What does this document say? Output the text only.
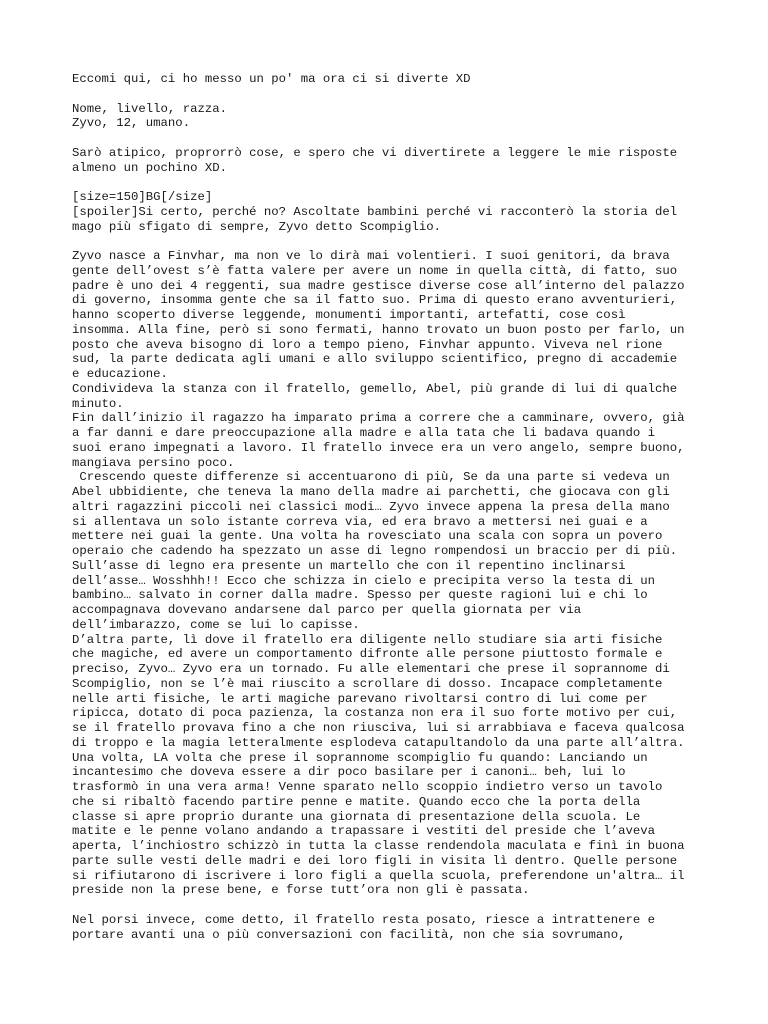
Eccomi qui, ci ho messo un po' ma ora ci si diverte XD
Nome, livello, razza.
Zyvo, 12, umano.
Sarò atipico, proprorrò cose, e spero che vi divertirete a leggere le mie risposte
almeno un pochino XD.
[size=150]BG[/size]
[spoiler]Si certo, perché no? Ascoltate bambini perché vi racconterò la storia del
mago più sfigato di sempre, Zyvo detto Scompiglio.
Zyvo nasce a Finvhar, ma non ve lo dirà mai volentieri. I suoi genitori, da brava
gente dell’ovest s’è fatta valere per avere un nome in quella città, di fatto, suo
padre è uno dei 4 reggenti, sua madre gestisce diverse cose all’interno del palazzo
di governo, insomma gente che sa il fatto suo. Prima di questo erano avventurieri,
hanno scoperto diverse leggende, monumenti importanti, artefatti, cose così
insomma. Alla fine, però si sono fermati, hanno trovato un buon posto per farlo, un
posto che aveva bisogno di loro a tempo pieno, Finvhar appunto. Viveva nel rione
sud, la parte dedicata agli umani e allo sviluppo scientifico, pregno di accademie
e educazione.
Condivideva la stanza con il fratello, gemello, Abel, più grande di lui di qualche
minuto.
Fin dall’inizio il ragazzo ha imparato prima a correre che a camminare, ovvero, già
a far danni e dare preoccupazione alla madre e alla tata che li badava quando i
suoi erano impegnati a lavoro. Il fratello invece era un vero angelo, sempre buono,
mangiava persino poco.
Crescendo queste differenze si accentuarono di più, Se da una parte si vedeva un
Abel ubbidiente, che teneva la mano della madre ai parchetti, che giocava con gli
altri ragazzini piccoli nei classici modi… Zyvo invece appena la presa della mano
si allentava un solo istante correva via, ed era bravo a mettersi nei guai e a
mettere nei guai la gente. Una volta ha rovesciato una scala con sopra un povero
operaio che cadendo ha spezzato un asse di legno rompendosi un braccio per di più.
Sull’asse di legno era presente un martello che con il repentino inclinarsi
dell’asse… Wosshhh!! Ecco che schizza in cielo e precipita verso la testa di un
bambino… salvato in corner dalla madre. Spesso per queste ragioni lui e chi lo
accompagnava dovevano andarsene dal parco per quella giornata per via
dell’imbarazzo, come se lui lo capisse.
D’altra parte, lì dove il fratello era diligente nello studiare sia arti fisiche
che magiche, ed avere un comportamento difronte alle persone piuttosto formale e
preciso, Zyvo… Zyvo era un tornado. Fu alle elementari che prese il soprannome di
Scompiglio, non se l’è mai riuscito a scrollare di dosso. Incapace completamente
nelle arti fisiche, le arti magiche parevano rivoltarsi contro di lui come per
ripicca, dotato di poca pazienza, la costanza non era il suo forte motivo per cui,
se il fratello provava fino a che non riusciva, lui si arrabbiava e faceva qualcosa
di troppo e la magia letteralmente esplodeva catapultandolo da una parte all’altra.
Una volta, LA volta che prese il soprannome scompiglio fu quando: Lanciando un
incantesimo che doveva essere a dir poco basilare per i canoni… beh, lui lo
trasformò in una vera arma! Venne sparato nello scoppio indietro verso un tavolo
che si ribaltò facendo partire penne e matite. Quando ecco che la porta della
classe si apre proprio durante una giornata di presentazione della scuola. Le
matite e le penne volano andando a trapassare i vestiti del preside che l’aveva
aperta, l’inchiostro schizzò in tutta la classe rendendola maculata e finì in buona
parte sulle vesti delle madri e dei loro figli in visita lì dentro. Quelle persone
si rifiutarono di iscrivere i loro figli a quella scuola, preferendone un'altra… il
preside non la prese bene, e forse tutt’ora non gli è passata.
Nel porsi invece, come detto, il fratello resta posato, riesce a intrattenere e
portare avanti una o più conversazioni con facilità, non che sia sovrumano,
